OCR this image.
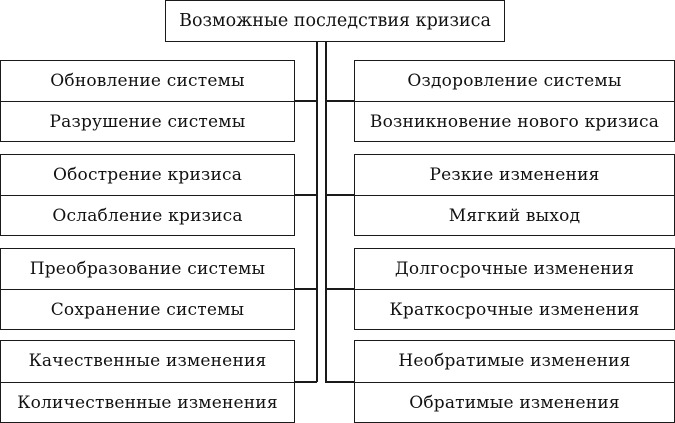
Возможные последствия кризиса
Обновление системы
Разрушение системы
Обострение кризиса
Ослабление кризиса
Преобразование системы
Сохранение системы
Качественные изменения
Количественные изменения
Оздоровление системы
Возникновение нового кризиса
Резкие изменения
Мягкий выход
Долгосрочные изменения
Краткосрочные изменения
Необратимые изменения
Обратимые изменения
